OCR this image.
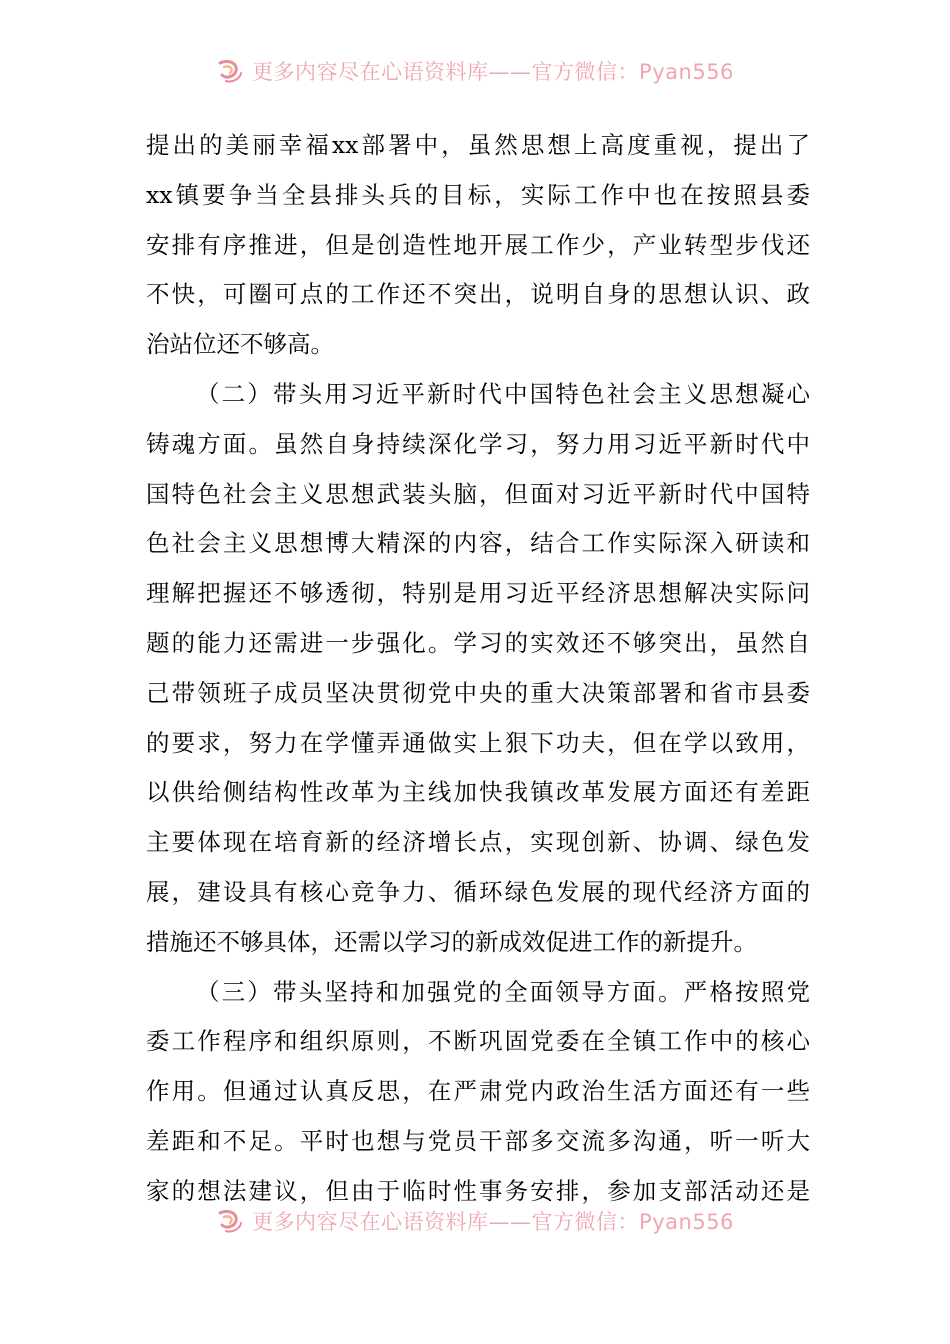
更多内容尽在心语资料库——官方微信：Pyan556
提出的美丽幸福xx部署中，虽然思想上高度重视，提出了
xx镇要争当全县排头兵的目标，实际工作中也在按照县委
安排有序推进，但是创造性地开展工作少，产业转型步伐还
不快，可圈可点的工作还不突出，说明自身的思想认识、政
治站位还不够高。
（二）带头用习近平新时代中国特色社会主义思想凝心
铸魂方面。虽然自身持续深化学习，努力用习近平新时代中
国特色社会主义思想武装头脑，但面对习近平新时代中国特
色社会主义思想博大精深的内容，结合工作实际深入研读和
理解把握还不够透彻，特别是用习近平经济思想解决实际问
题的能力还需进一步强化。学习的实效还不够突出，虽然自
己带领班子成员坚决贯彻党中央的重大决策部署和省市县委
的要求，努力在学懂弄通做实上狠下功夫，但在学以致用，
以供给侧结构性改革为主线加快我镇改革发展方面还有差距
主要体现在培育新的经济增长点，实现创新、协调、绿色发
展，建设具有核心竞争力、循环绿色发展的现代经济方面的
措施还不够具体，还需以学习的新成效促进工作的新提升。
（三）带头坚持和加强党的全面领导方面。严格按照党
委工作程序和组织原则，不断巩固党委在全镇工作中的核心
作用。但通过认真反思，在严肃党内政治生活方面还有一些
差距和不足。平时也想与党员干部多交流多沟通，听一听大
家的想法建议，但由于临时性事务安排，参加支部活动还是
更多内容尽在心语资料库——官方微信：Pyan556
